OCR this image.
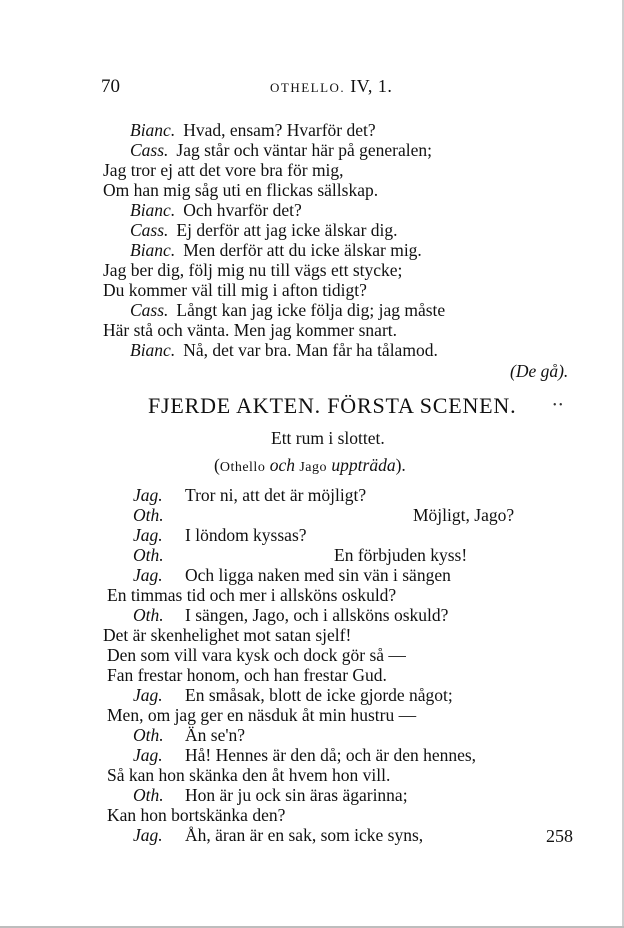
70	OTHELLO. IV, 1.
Bianc. Hvad, ensam? Hvarför det?
Cass. Jag står och väntar här på generalen;
Jag tror ej att det vore bra för mig,
Om han mig såg uti en flickas sällskap.
Bianc. Och hvarför det?
Cass. Ej derför att jag icke älskar dig.
Bianc. Men derför att du icke älskar mig.
Jag ber dig, följ mig nu till vägs ett stycke;
Du kommer väl till mig i afton tidigt?
Cass. Långt kan jag icke följa dig; jag måste
Här stå och vänta. Men jag kommer snart.
Bianc. Nå, det var bra. Man får ha tålamod.
(De gå).
• •
FJERDE AKTEN. FÖRSTA SCENEN.
Ett rum i slottet.
(Othello och Jago uppträda).
Jag. Tror ni, att det är möjligt?
Oth.	Möjligt, Jago?
Jag. I löndom kyssas?
Oth.	En förbjuden kyss!
Jag. Och ligga naken med sin vän i sängen
En timmas tid och mer i allsköns oskuld?
Oth. I sängen, Jago, och i allsköns oskuld?
Det är skenhelighet mot satan sjelf!
Den som vill vara kysk och dock gör så —
Fan frestar honom, och han frestar Gud.
Jag. En småsak, blott de icke gjorde något;
Men, om jag ger en näsduk åt min hustru —
Oth. Än se'n?
Jag. Hå! Hennes är den då; och är den hennes,
Så kan hon skänka den åt hvem hon vill.
Oth. Hon är ju ock sin äras ägarinna;
Kan hon bortskänka den?
Jag. Åh, äran är en sak, som icke syns,	258
